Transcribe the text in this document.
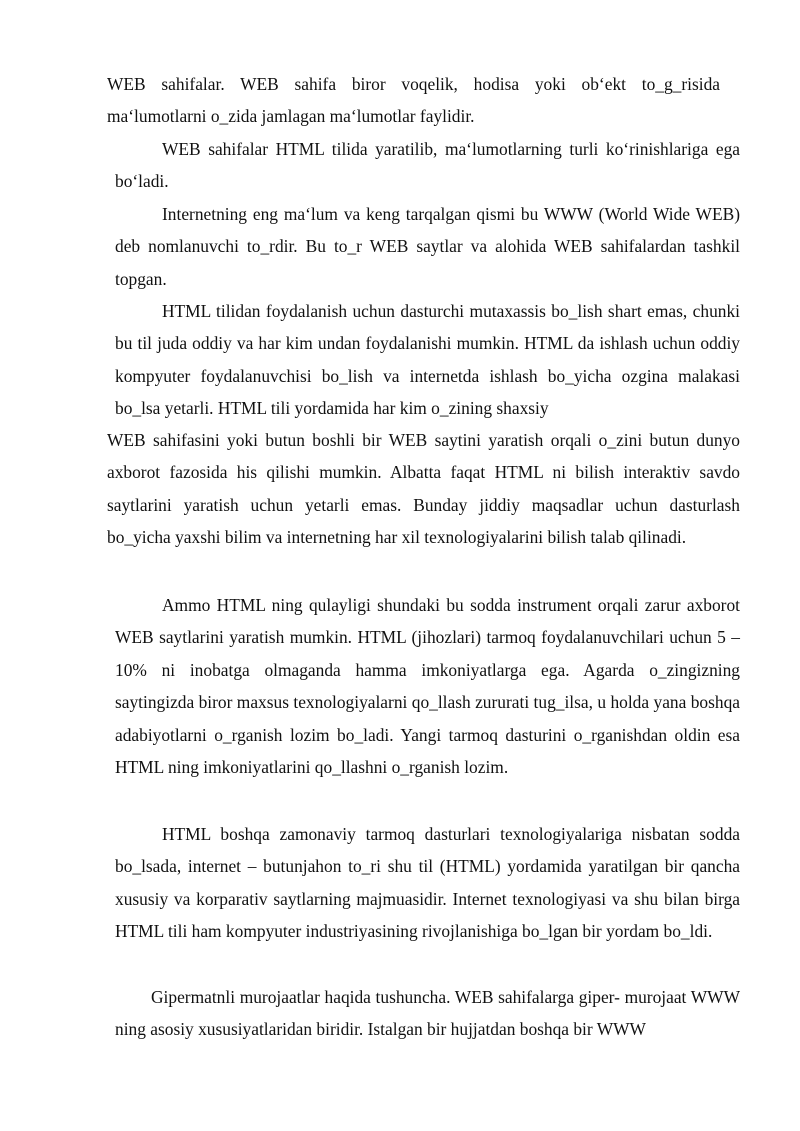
WEB sahifalar. WEB sahifa biror voqelik, hodisa yoki ob‘ekt to_g_risida ma‘lumotlarni o_zida jamlagan ma‘lumotlar faylidir.

WEB sahifalar HTML tilida yaratilib, ma‘lumotlarning turli ko‘rinishlariga ega bo‘ladi.

Internetning eng ma‘lum va keng tarqalgan qismi bu WWW (World Wide WEB) deb nomlanuvchi to_rdir. Bu to_r WEB saytlar va alohida WEB sahifalardan tashkil topgan.

HTML tilidan foydalanish uchun dasturchi mutaxassis bo_lish shart emas, chunki bu til juda oddiy va har kim undan foydalanishi mumkin. HTML da ishlash uchun oddiy kompyuter foydalanuvchisi bo_lish va internetda ishlash bo_yicha ozgina malakasi bo_lsa yetarli. HTML tili yordamida har kim o_zining shaxsiy

WEB sahifasini yoki butun boshli bir WEB saytini yaratish orqali o_zini butun dunyo axborot fazosida his qilishi mumkin. Albatta faqat HTML ni bilish interaktiv savdo saytlarini yaratish uchun yetarli emas. Bunday jiddiy maqsadlar uchun dasturlash bo_yicha yaxshi bilim va internetning har xil texnologiyalarini bilish talab qilinadi.

Ammo HTML ning qulayligi shundaki bu sodda instrument orqali zarur axborot WEB saytlarini yaratish mumkin. HTML (jihozlari) tarmoq foydalanuvchilari uchun 5 – 10% ni inobatga olmaganda hamma imkoniyatlarga ega. Agarda o_zingizning saytingizda biror maxsus texnologiyalarni qo_llash zururati tug_ilsa, u holda yana boshqa adabiyotlarni o_rganish lozim bo_ladi. Yangi tarmoq dasturini o_rganishdan oldin esa HTML ning imkoniyatlarini qo_llashni o_rganish lozim.

HTML boshqa zamonaviy tarmoq dasturlari texnologiyalariga nisbatan sodda bo_lsada, internet – butunjahon to_ri shu til (HTML) yordamida yaratilgan bir qancha xususiy va korparativ saytlarning majmuasidir. Internet texnologiyasi va shu bilan birga HTML tili ham kompyuter industriyasining rivojlanishiga bo_lgan bir yordam bo_ldi.

Gipermatnli murojaatlar haqida tushuncha. WEB sahifalarga giper- murojaat WWW ning asosiy xususiyatlaridan biridir. Istalgan bir hujjatdan boshqa bir WWW
